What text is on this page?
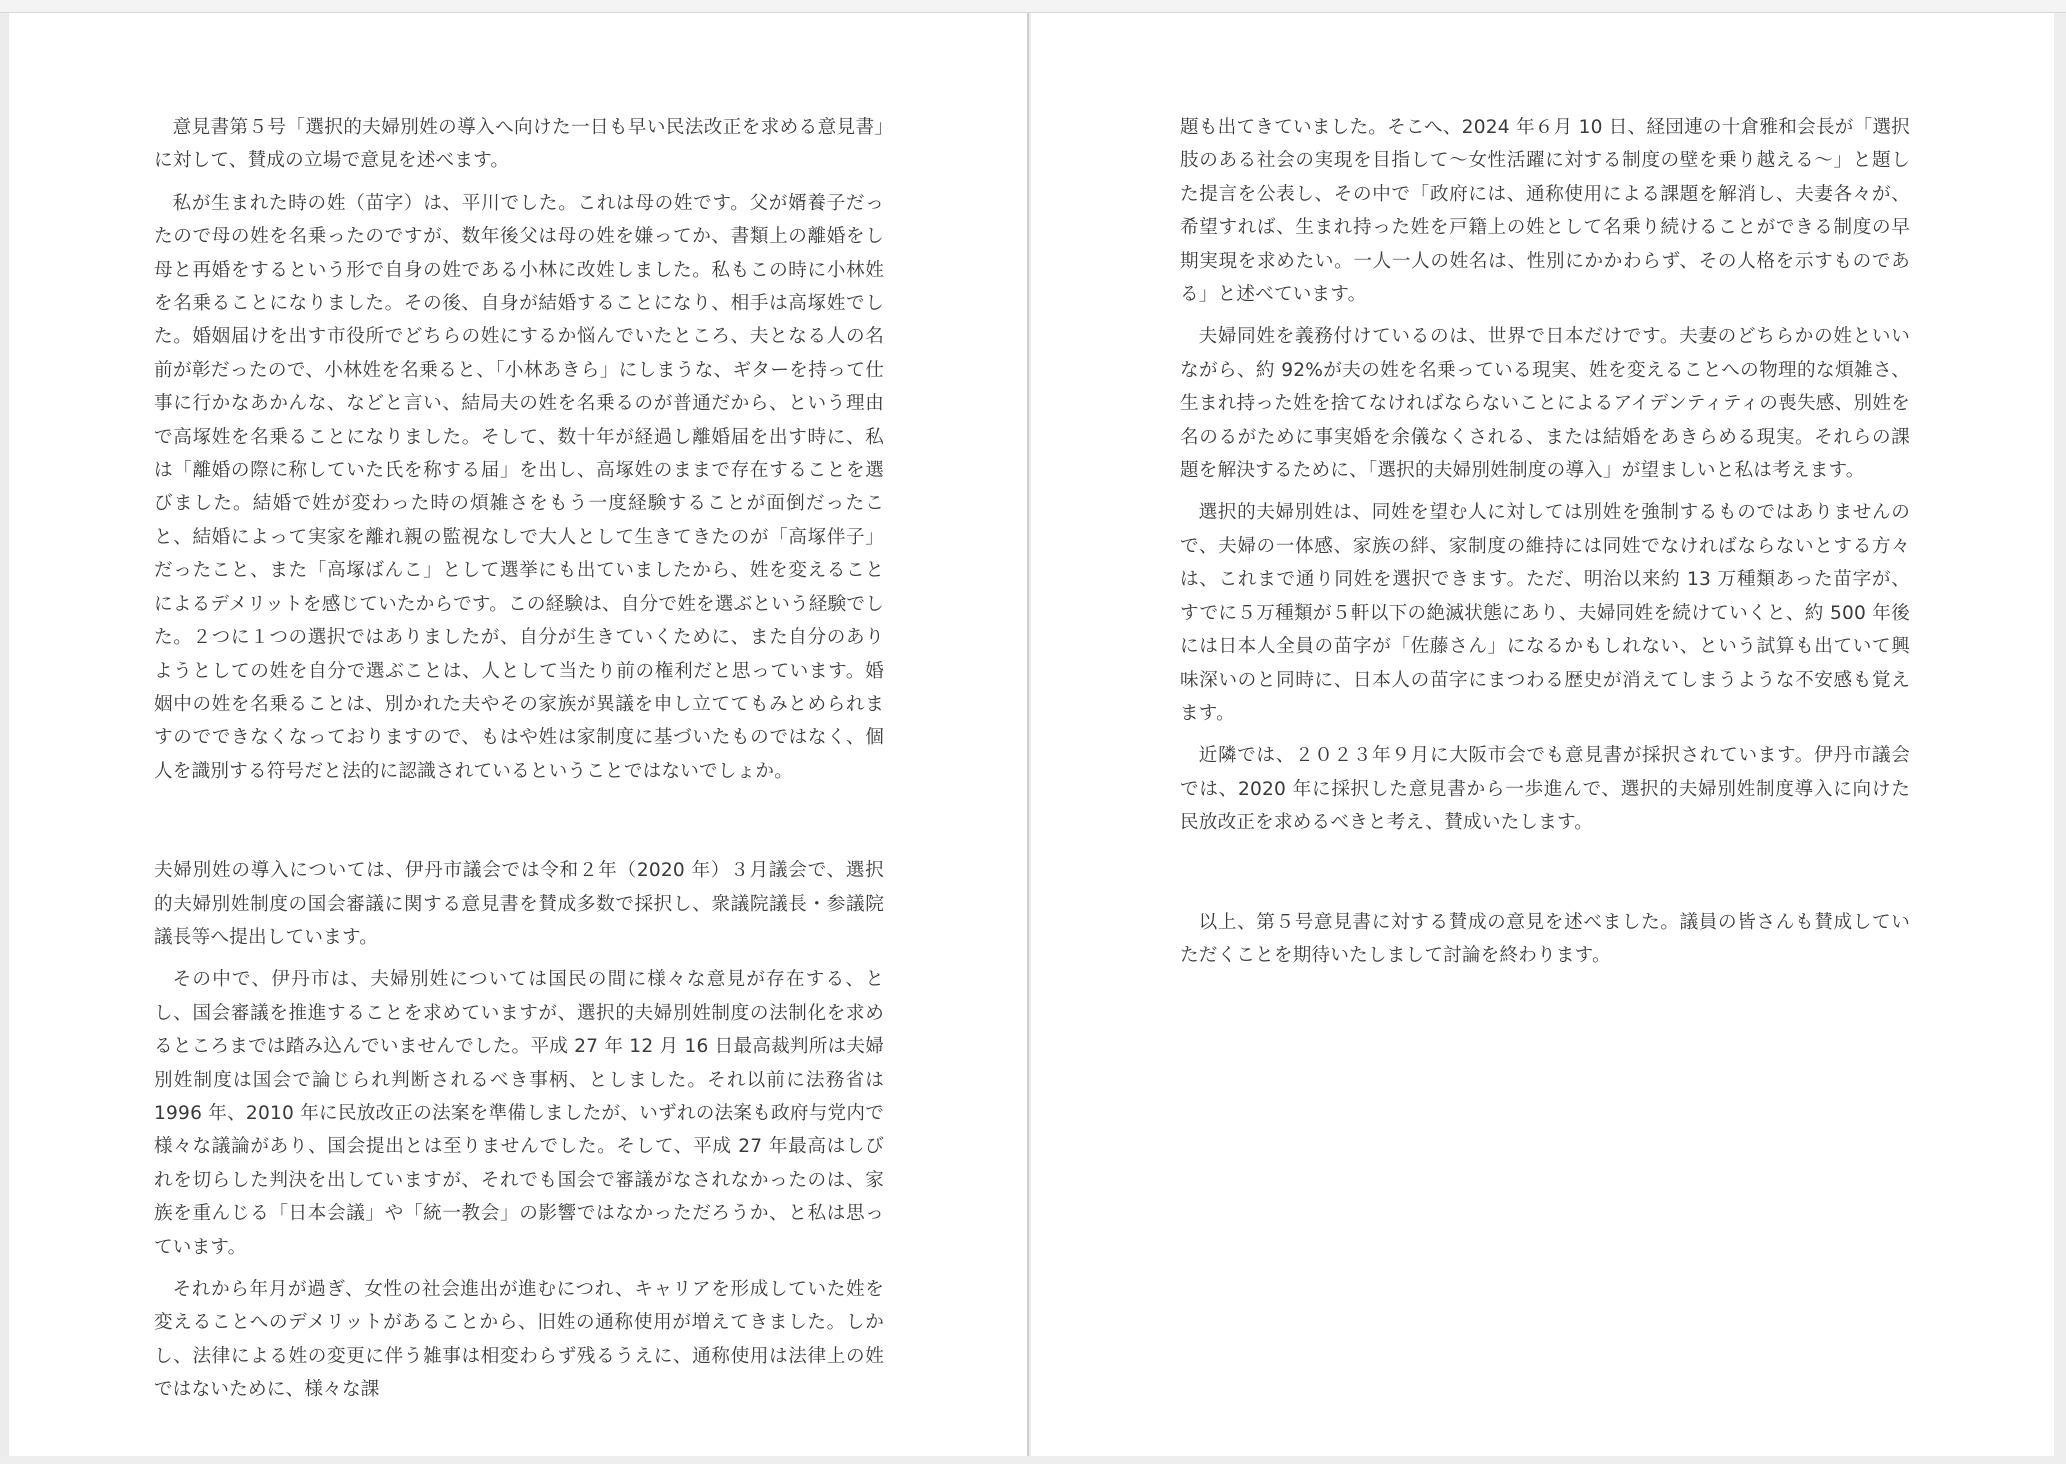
意見書第５号「選択的夫婦別姓の導入へ向けた一日も早い民法改正を求める意見書」に対して、賛成の立場で意見を述べます。

私が生まれた時の姓（苗字）は、平川でした。これは母の姓です。父が婿養子だったので母の姓を名乗ったのですが、数年後父は母の姓を嫌ってか、書類上の離婚をし母と再婚をするという形で自身の姓である小林に改姓しました。私もこの時に小林姓を名乗ることになりました。その後、自身が結婚することになり、相手は高塚姓でした。婚姻届けを出す市役所でどちらの姓にするか悩んでいたところ、夫となる人の名前が彰だったので、小林姓を名乗ると、「小林あきら」にしまうな、ギターを持って仕事に行かなあかんな、などと言い、結局夫の姓を名乗るのが普通だから、という理由で高塚姓を名乗ることになりました。そして、数十年が経過し離婚届を出す時に、私は「離婚の際に称していた氏を称する届」を出し、高塚姓のままで存在することを選びました。結婚で姓が変わった時の煩雑さをもう一度経験することが面倒だったこと、結婚によって実家を離れ親の監視なしで大人として生きてきたのが「高塚伴子」だったこと、また「高塚ばんこ」として選挙にも出ていましたから、姓を変えることによるデメリットを感じていたからです。この経験は、自分で姓を選ぶという経験でした。２つに１つの選択ではありましたが、自分が生きていくために、また自分のありようとしての姓を自分で選ぶことは、人として当たり前の権利だと思っています。婚姻中の姓を名乗ることは、別かれた夫やその家族が異議を申し立ててもみとめられますのでできなくなっておりますので、もはや姓は家制度に基づいたものではなく、個人を識別する符号だと法的に認識されているということではないでしょか。

夫婦別姓の導入については、伊丹市議会では令和２年（2020 年）３月議会で、選択的夫婦別姓制度の国会審議に関する意見書を賛成多数で採択し、衆議院議長・参議院議長等へ提出しています。

その中で、伊丹市は、夫婦別姓については国民の間に様々な意見が存在する、とし、国会審議を推進することを求めていますが、選択的夫婦別姓制度の法制化を求めるところまでは踏み込んでいませんでした。平成 27 年 12 月 16 日最高裁判所は夫婦別姓制度は国会で論じられ判断されるべき事柄、としました。それ以前に法務省は 1996 年、2010 年に民放改正の法案を準備しましたが、いずれの法案も政府与党内で様々な議論があり、国会提出とは至りませんでした。そして、平成 27 年最高はしびれを切らした判決を出していますが、それでも国会で審議がなされなかったのは、家族を重んじる「日本会議」や「統一教会」の影響ではなかっただろうか、と私は思っています。

それから年月が過ぎ、女性の社会進出が進むにつれ、キャリアを形成していた姓を変えることへのデメリットがあることから、旧姓の通称使用が増えてきました。しかし、法律による姓の変更に伴う雑事は相変わらず残るうえに、通称使用は法律上の姓ではないために、様々な課

題も出てきていました。そこへ、2024 年６月 10 日、経団連の十倉雅和会長が「選択肢のある社会の実現を目指して～女性活躍に対する制度の壁を乗り越える～」と題した提言を公表し、その中で「政府には、通称使用による課題を解消し、夫妻各々が、希望すれば、生まれ持った姓を戸籍上の姓として名乗り続けることができる制度の早期実現を求めたい。一人一人の姓名は、性別にかかわらず、その人格を示すものである」と述べています。

夫婦同姓を義務付けているのは、世界で日本だけです。夫妻のどちらかの姓といいながら、約 92%が夫の姓を名乗っている現実、姓を変えることへの物理的な煩雑さ、生まれ持った姓を捨てなければならないことによるアイデンティティの喪失感、別姓を名のるがために事実婚を余儀なくされる、または結婚をあきらめる現実。それらの課題を解決するために、「選択的夫婦別姓制度の導入」が望ましいと私は考えます。

選択的夫婦別姓は、同姓を望む人に対しては別姓を強制するものではありませんので、夫婦の一体感、家族の絆、家制度の維持には同姓でなければならないとする方々は、これまで通り同姓を選択できます。ただ、明治以来約 13 万種類あった苗字が、すでに５万種類が５軒以下の絶滅状態にあり、夫婦同姓を続けていくと、約 500 年後には日本人全員の苗字が「佐藤さん」になるかもしれない、という試算も出ていて興味深いのと同時に、日本人の苗字にまつわる歴史が消えてしまうような不安感も覚えます。

近隣では、２０２３年９月に大阪市会でも意見書が採択されています。伊丹市議会では、2020 年に採択した意見書から一歩進んで、選択的夫婦別姓制度導入に向けた民放改正を求めるべきと考え、賛成いたします。

以上、第５号意見書に対する賛成の意見を述べました。議員の皆さんも賛成していただくことを期待いたしまして討論を終わります。
